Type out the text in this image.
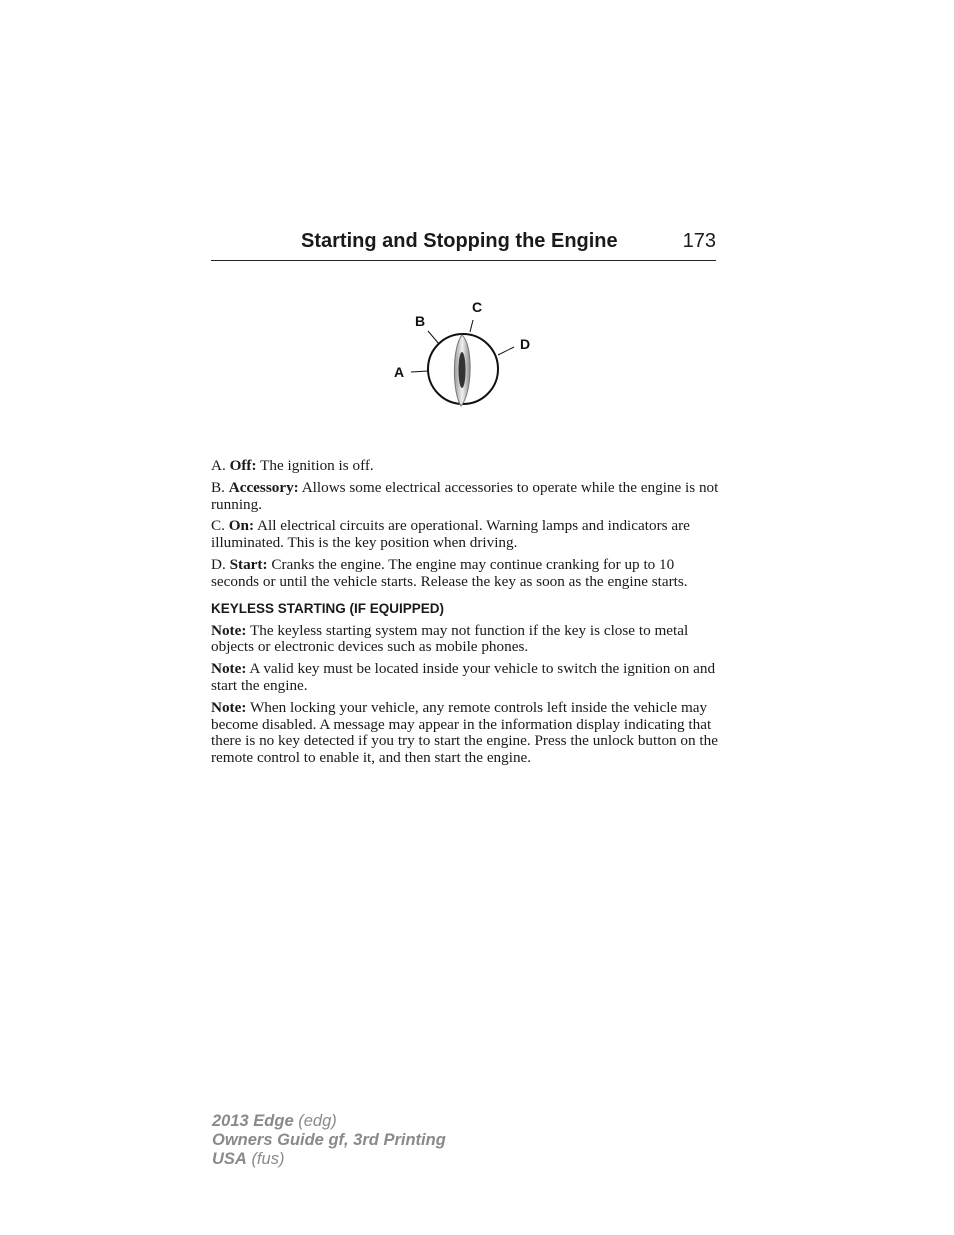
Starting and Stopping the Engine	173
B
C
D
A

A. Off: The ignition is off.

B. Accessory: Allows some electrical accessories to operate while the engine is not running.

C. On: All electrical circuits are operational. Warning lamps and indicators are illuminated. This is the key position when driving.

D. Start: Cranks the engine. The engine may continue cranking for up to 10 seconds or until the vehicle starts. Release the key as soon as the engine starts.

KEYLESS STARTING (IF EQUIPPED)

Note: The keyless starting system may not function if the key is close to metal objects or electronic devices such as mobile phones.

Note: A valid key must be located inside your vehicle to switch the ignition on and start the engine.

Note: When locking your vehicle, any remote controls left inside the vehicle may become disabled. A message may appear in the information display indicating that there is no key detected if you try to start the engine. Press the unlock button on the remote control to enable it, and then start the engine.

2013 Edge (edg)
Owners Guide gf, 3rd Printing
USA (fus)
